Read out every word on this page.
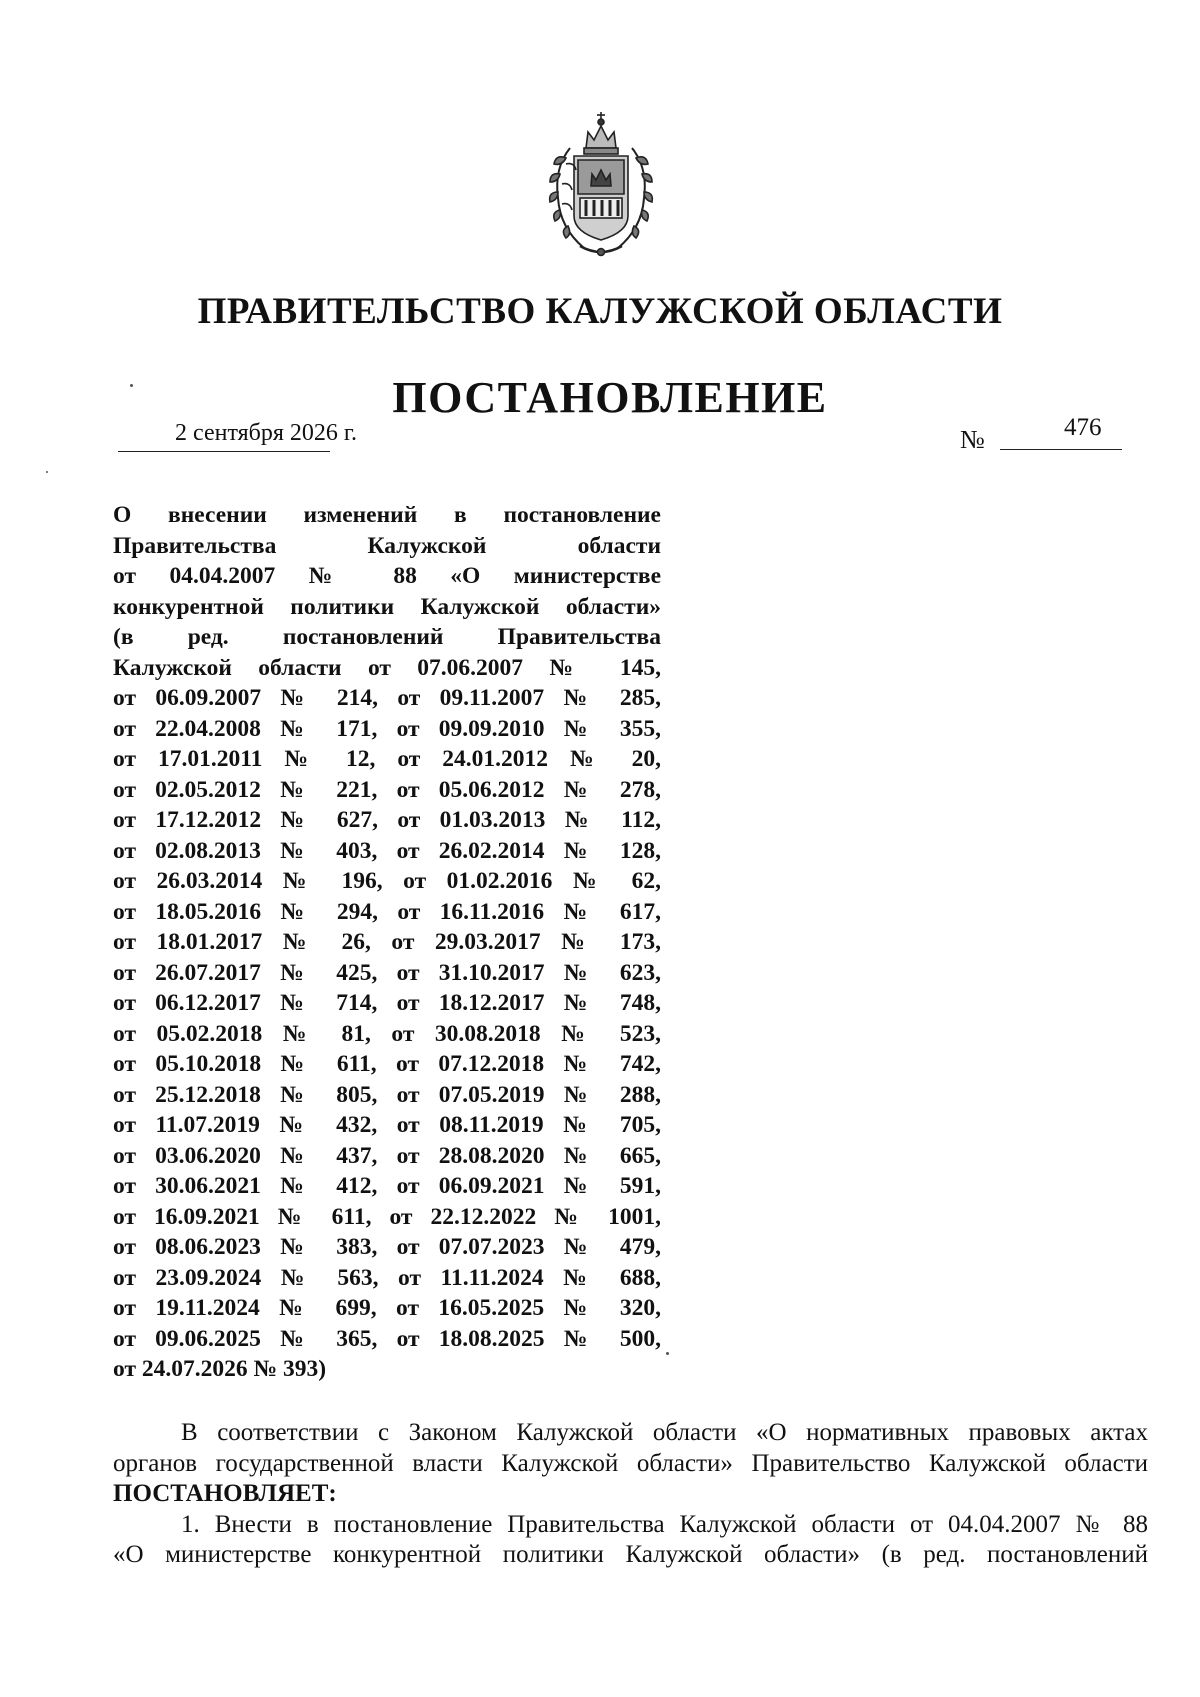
ПРАВИТЕЛЬСТВО КАЛУЖСКОЙ ОБЛАСТИ
ПОСТАНОВЛЕНИЕ
2 сентября 2026 г.	№	476
О внесении изменений в постановление
Правительства Калужской области
от 04.04.2007 № 88 «О министерстве
конкурентной политики Калужской области»
(в ред. постановлений Правительства
Калужской области от 07.06.2007 № 145,
от 06.09.2007 № 214, от 09.11.2007 № 285,
от 22.04.2008 № 171, от 09.09.2010 № 355,
от 17.01.2011 № 12, от 24.01.2012 № 20,
от 02.05.2012 № 221, от 05.06.2012 № 278,
от 17.12.2012 № 627, от 01.03.2013 № 112,
от 02.08.2013 № 403, от 26.02.2014 № 128,
от 26.03.2014 № 196, от 01.02.2016 № 62,
от 18.05.2016 № 294, от 16.11.2016 № 617,
от 18.01.2017 № 26, от 29.03.2017 № 173,
от 26.07.2017 № 425, от 31.10.2017 № 623,
от 06.12.2017 № 714, от 18.12.2017 № 748,
от 05.02.2018 № 81, от 30.08.2018 № 523,
от 05.10.2018 № 611, от 07.12.2018 № 742,
от 25.12.2018 № 805, от 07.05.2019 № 288,
от 11.07.2019 № 432, от 08.11.2019 № 705,
от 03.06.2020 № 437, от 28.08.2020 № 665,
от 30.06.2021 № 412, от 06.09.2021 № 591,
от 16.09.2021 № 611, от 22.12.2022 № 1001,
от 08.06.2023 № 383, от 07.07.2023 № 479,
от 23.09.2024 № 563, от 11.11.2024 № 688,
от 19.11.2024 № 699, от 16.05.2025 № 320,
от 09.06.2025 № 365, от 18.08.2025 № 500,
от 24.07.2026 № 393)
В соответствии с Законом Калужской области «О нормативных правовых актах
органов государственной власти Калужской области» Правительство Калужской области
ПОСТАНОВЛЯЕТ:
1. Внести в постановление Правительства Калужской области от 04.04.2007 № 88
«О министерстве конкурентной политики Калужской области» (в ред. постановлений
